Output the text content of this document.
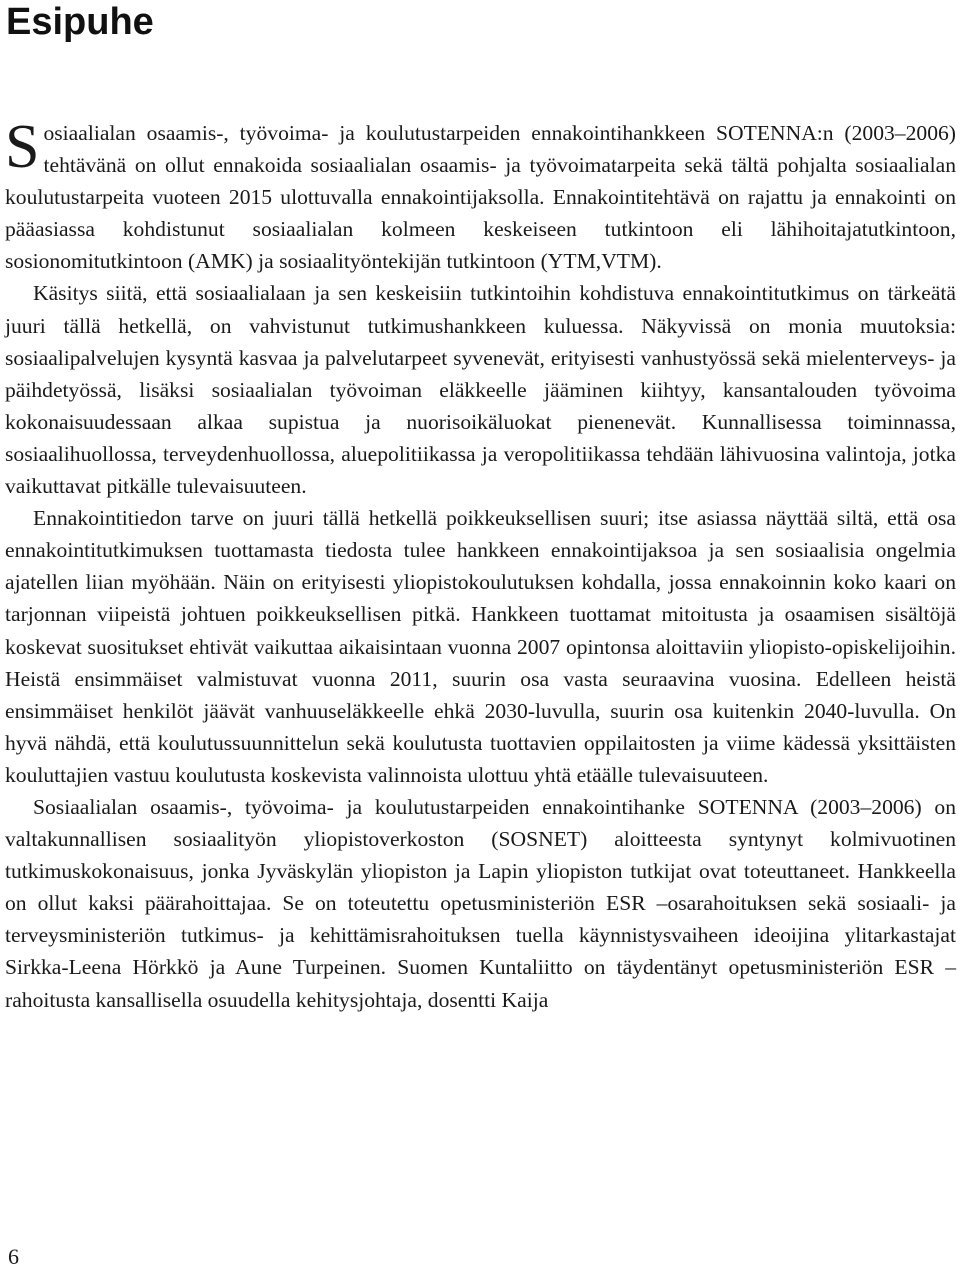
Esipuhe

Sosiaalialan osaamis-, työvoima- ja koulutustarpeiden ennakointihankkeen SOTENNA:n (2003–2006) tehtävänä on ollut ennakoida sosiaalialan osaamis- ja työvoimatarpeita sekä tältä pohjalta sosiaalialan koulutustarpeita vuoteen 2015 ulottuvalla ennakointijaksolla. Ennakointitehtävä on rajattu ja ennakointi on pääasiassa kohdistunut sosiaalialan kolmeen keskeiseen tutkintoon eli lähihoitajatutkintoon, sosionomitutkintoon (AMK) ja sosiaalityöntekijän tutkintoon (YTM,VTM).

Käsitys siitä, että sosiaalialaan ja sen keskeisiin tutkintoihin kohdistuva ennakointitutkimus on tärkeätä juuri tällä hetkellä, on vahvistunut tutkimushankkeen kuluessa. Näkyvissä on monia muutoksia: sosiaalipalvelujen kysyntä kasvaa ja palvelutarpeet syvenevät, erityisesti vanhustyössä sekä mielenterveys- ja päihdetyössä, lisäksi sosiaalialan työvoiman eläkkeelle jääminen kiihtyy, kansantalouden työvoima kokonaisuudessaan alkaa supistua ja nuorisoikäluokat pienenevät. Kunnallisessa toiminnassa, sosiaalihuollossa, terveydenhuollossa, aluepolitiikassa ja veropolitiikassa tehdään lähivuosina valintoja, jotka vaikuttavat pitkälle tulevaisuuteen.

Ennakointitiedon tarve on juuri tällä hetkellä poikkeuksellisen suuri; itse asiassa näyttää siltä, että osa ennakointitutkimuksen tuottamasta tiedosta tulee hankkeen ennakointijaksoa ja sen sosiaalisia ongelmia ajatellen liian myöhään. Näin on erityisesti yliopistokoulutuksen kohdalla, jossa ennakoinnin koko kaari on tarjonnan viipeistä johtuen poikkeuksellisen pitkä. Hankkeen tuottamat mitoitusta ja osaamisen sisältöjä koskevat suositukset ehtivät vaikuttaa aikaisintaan vuonna 2007 opintonsa aloittaviin yliopisto-opiskelijoihin. Heistä ensimmäiset valmistuvat vuonna 2011, suurin osa vasta seuraavina vuosina. Edelleen heistä ensimmäiset henkilöt jäävät vanhuuseläkkeelle ehkä 2030-luvulla, suurin osa kuitenkin 2040-luvulla. On hyvä nähdä, että koulutussuunnittelun sekä koulutusta tuottavien oppilaitosten ja viime kädessä yksittäisten kouluttajien vastuu koulutusta koskevista valinnoista ulottuu yhtä etäälle tulevaisuuteen.

Sosiaalialan osaamis-, työvoima- ja koulutustarpeiden ennakointihanke SOTENNA (2003–2006) on valtakunnallisen sosiaalityön yliopistoverkoston (SOSNET) aloitteesta syntynyt kolmivuotinen tutkimuskokonaisuus, jonka Jyväskylän yliopiston ja Lapin yliopiston tutkijat ovat toteuttaneet. Hankkeella on ollut kaksi päärahoittajaa. Se on toteutettu opetusministeriön ESR –osarahoituksen sekä sosiaali- ja terveysministeriön tutkimus- ja kehittämisrahoituksen tuella käynnistysvaiheen ideoijina ylitarkastajat Sirkka-Leena Hörkkö ja Aune Turpeinen. Suomen Kuntaliitto on täydentänyt opetusministeriön ESR –rahoitusta kansallisella osuudella kehitysjohtaja, dosentti Kaija

6
